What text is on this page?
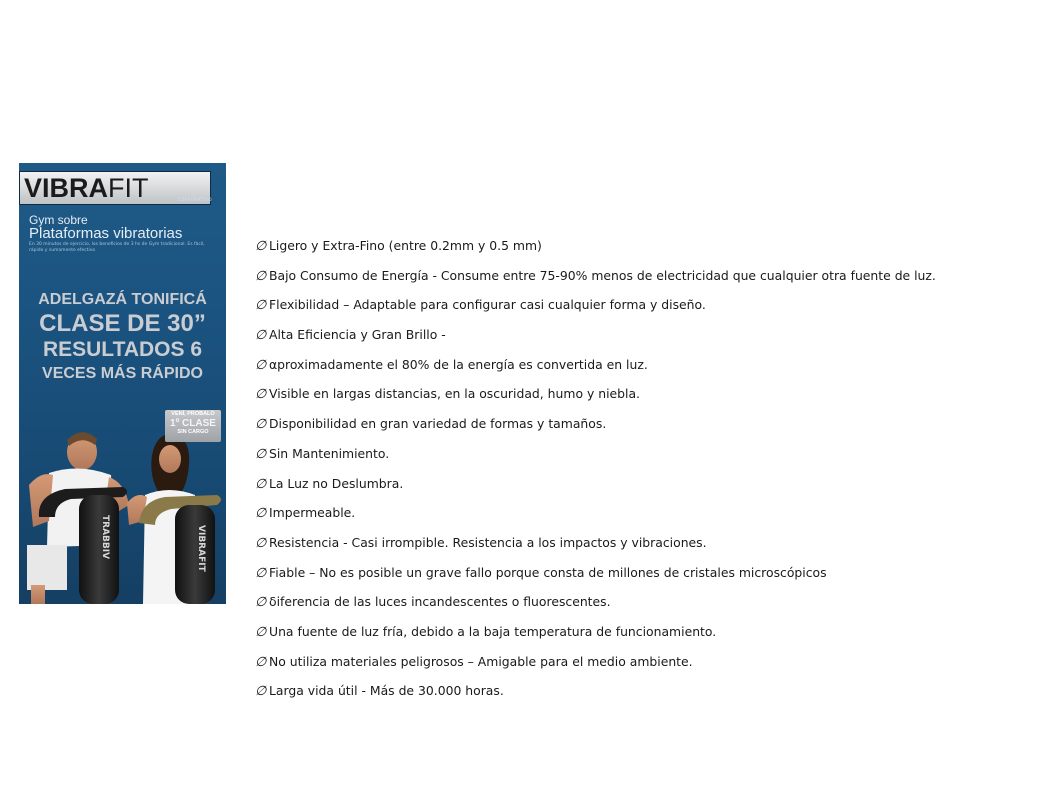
VIBRAFIT	CORPORATIVO
Gym sobre
Plataformas vibratorias
En 30 minutos de ejercicio, los beneficios de 3 hs de Gym tradicional. Es fácil, rápido y sumamente efectivo
ADELGAZÁ TONIFICÁ
CLASE DE 30”
RESULTADOS 6
VECES MÁS RÁPIDO
TRABBIV	VIBRAFIT
VENÍ, PROBALO
1º CLASE
SIN CARGO
∅ Ligero y Extra-Fino (entre 0.2mm y 0.5 mm)
∅ Bajo Consumo de Energía - Consume entre 75-90% menos de electricidad que cualquier otra fuente de luz.
∅ Flexibilidad – Adaptable para configurar casi cualquier forma y diseño.
∅ Alta Eficiencia y Gran Brillo -
∅ αproximadamente el 80% de la energía es convertida en luz.
∅ Visible en largas distancias, en la oscuridad, humo y niebla.
∅ Disponibilidad en gran variedad de formas y tamaños.
∅ Sin Mantenimiento.
∅ La Luz no Deslumbra.
∅ Impermeable.
∅ Resistencia - Casi irrompible. Resistencia a los impactos y vibraciones.
∅ Fiable – No es posible un grave fallo porque consta de millones de cristales microscópicos
∅ δiferencia de las luces incandescentes o fluorescentes.
∅ Una fuente de luz fría, debido a la baja temperatura de funcionamiento.
∅ No utiliza materiales peligrosos – Amigable para el medio ambiente.
∅ Larga vida útil - Más de 30.000 horas.
